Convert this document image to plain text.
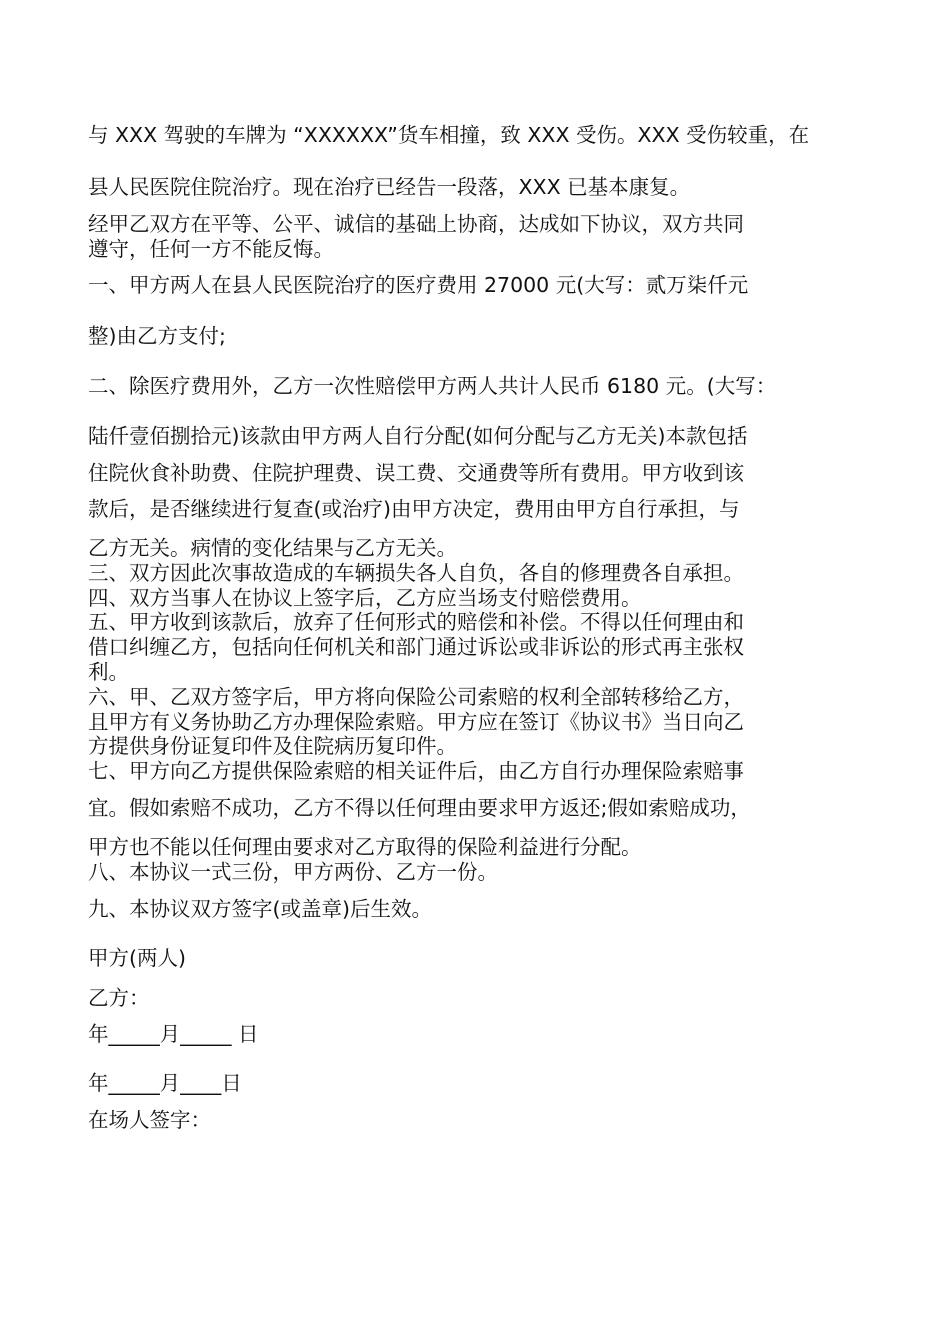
与 XXX 驾驶的车牌为 “XXXXXX”货车相撞，致 XXX 受伤。XXX 受伤较重，在

县人民医院住院治疗。现在治疗已经告一段落，XXX 已基本康复。

经甲乙双方在平等、公平、诚信的基础上协商，达成如下协议，双方共同

遵守，任何一方不能反悔。

一、甲方两人在县人民医院治疗的医疗费用 27000 元(大写：贰万柒仟元

整)由乙方支付;

二、除医疗费用外，乙方一次性赔偿甲方两人共计人民币 6180 元。(大写：

陆仟壹佰捌拾元)该款由甲方两人自行分配(如何分配与乙方无关)本款包括

住院伙食补助费、住院护理费、误工费、交通费等所有费用。甲方收到该

款后，是否继续进行复查(或治疗)由甲方决定，费用由甲方自行承担，与

乙方无关。病情的变化结果与乙方无关。

三、双方因此次事故造成的车辆损失各人自负，各自的修理费各自承担。

四、双方当事人在协议上签字后，乙方应当场支付赔偿费用。

五、甲方收到该款后，放弃了任何形式的赔偿和补偿。不得以任何理由和

借口纠缠乙方，包括向任何机关和部门通过诉讼或非诉讼的形式再主张权

利。

六、甲、乙双方签字后，甲方将向保险公司索赔的权利全部转移给乙方，

且甲方有义务协助乙方办理保险索赔。甲方应在签订《协议书》当日向乙

方提供身份证复印件及住院病历复印件。

七、甲方向乙方提供保险索赔的相关证件后，由乙方自行办理保险索赔事

宜。假如索赔不成功，乙方不得以任何理由要求甲方返还;假如索赔成功，

甲方也不能以任何理由要求对乙方取得的保险利益进行分配。

八、本协议一式三份，甲方两份、乙方一份。

九、本协议双方签字(或盖章)后生效。

甲方(两人)

乙方：

年_____月_____ 日

年_____月____日

在场人签字：
